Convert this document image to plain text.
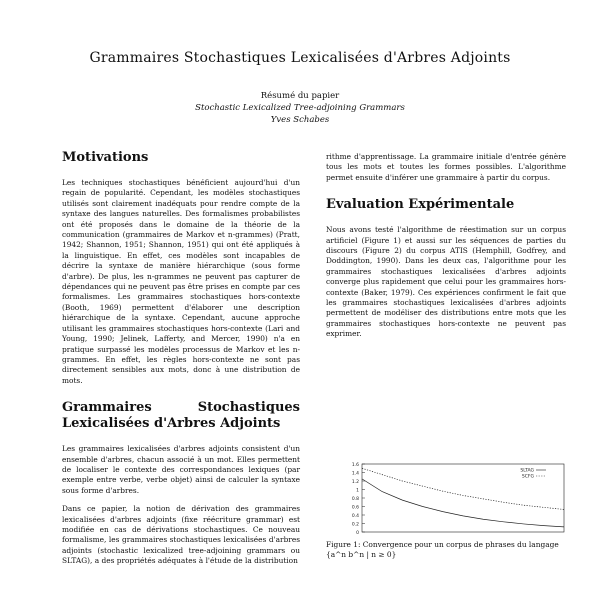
Grammaires Stochastiques Lexicalisées d'Arbres Adjoints
Résumé du papier
Stochastic Lexicalized Tree-adjoining Grammars
Yves Schabes
Motivations

Les techniques stochastiques bénéficient aujourd'hui d'un regain de popularité. Cependant, les modèles stochastiques utilisés sont clairement inadéquats pour rendre compte de la syntaxe des langues naturelles. Des formalismes probabilistes ont été proposés dans le domaine de la théorie de la communication (grammaires de Markov et n-grammes) (Pratt, 1942; Shannon, 1951; Shannon, 1951) qui ont été appliqués à la linguistique. En effet, ces modèles sont incapables de décrire la syntaxe de manière hiérarchique (sous forme d'arbre). De plus, les n-grammes ne peuvent pas capturer de dépendances qui ne peuvent pas être prises en compte par ces formalismes. Les grammaires stochastiques hors-contexte (Booth, 1969) permettent d'élaborer une description hiérarchique de la syntaxe. Cependant, aucune approche utilisant les grammaires stochastiques hors-contexte (Lari and Young, 1990; Jelinek, Lafferty, and Mercer, 1990) n'a en pratique surpassé les modèles processus de Markov et les n-grammes. En effet, les règles hors-contexte ne sont pas directement sensibles aux mots, donc à une distribution de mots.

Grammaires Stochastiques Lexicalisées d'Arbres Adjoints

Les grammaires lexicalisées d'arbres adjoints consistent d'un ensemble d'arbres, chacun associé à un mot. Elles permettent de localiser le contexte des correspondances lexiques (par exemple entre verbe, verbe objet) ainsi de calculer la syntaxe sous forme d'arbres.

Dans ce papier, la notion de dérivation des grammaires lexicalisées d'arbres adjoints (fixe réécriture grammar) est modifiée en cas de dérivations stochastiques. Ce nouveau formalisme, les grammaires stochastiques lexicalisées d'arbres adjoints (stochastic lexicalized tree-adjoining grammars ou SLTAG), a des propriétés adéquates à l'étude de la distribution

rithme d'apprentissage. La grammaire initiale d'entrée génère tous les mots et toutes les formes possibles. L'algorithme permet ensuite d'inférer une grammaire à partir du corpus.

Evaluation Expérimentale

Nous avons testé l'algorithme de réestimation sur un corpus artificiel (Figure 1) et aussi sur les séquences de parties du discours (Figure 2) du corpus ATIS (Hemphill, Godfrey, and Doddington, 1990). Dans les deux cas, l'algorithme pour les grammaires stochastiques lexicalisées d'arbres adjoints converge plus rapidement que celui pour les grammaires hors-contexte (Baker, 1979). Ces expériences confirment le fait que les grammaires stochastiques lexicalisées d'arbres adjoints permettent de modéliser des distributions entre mots que les grammaires stochastiques hors-contexte ne peuvent pas exprimer.

1.6
1.4
1.2
1
0.8
0.6
0.4
0.2
0
SLTAG
SCFG
Figure 1: Convergence pour un corpus de phrases du langage {a^n b^n | n ≥ 0}
